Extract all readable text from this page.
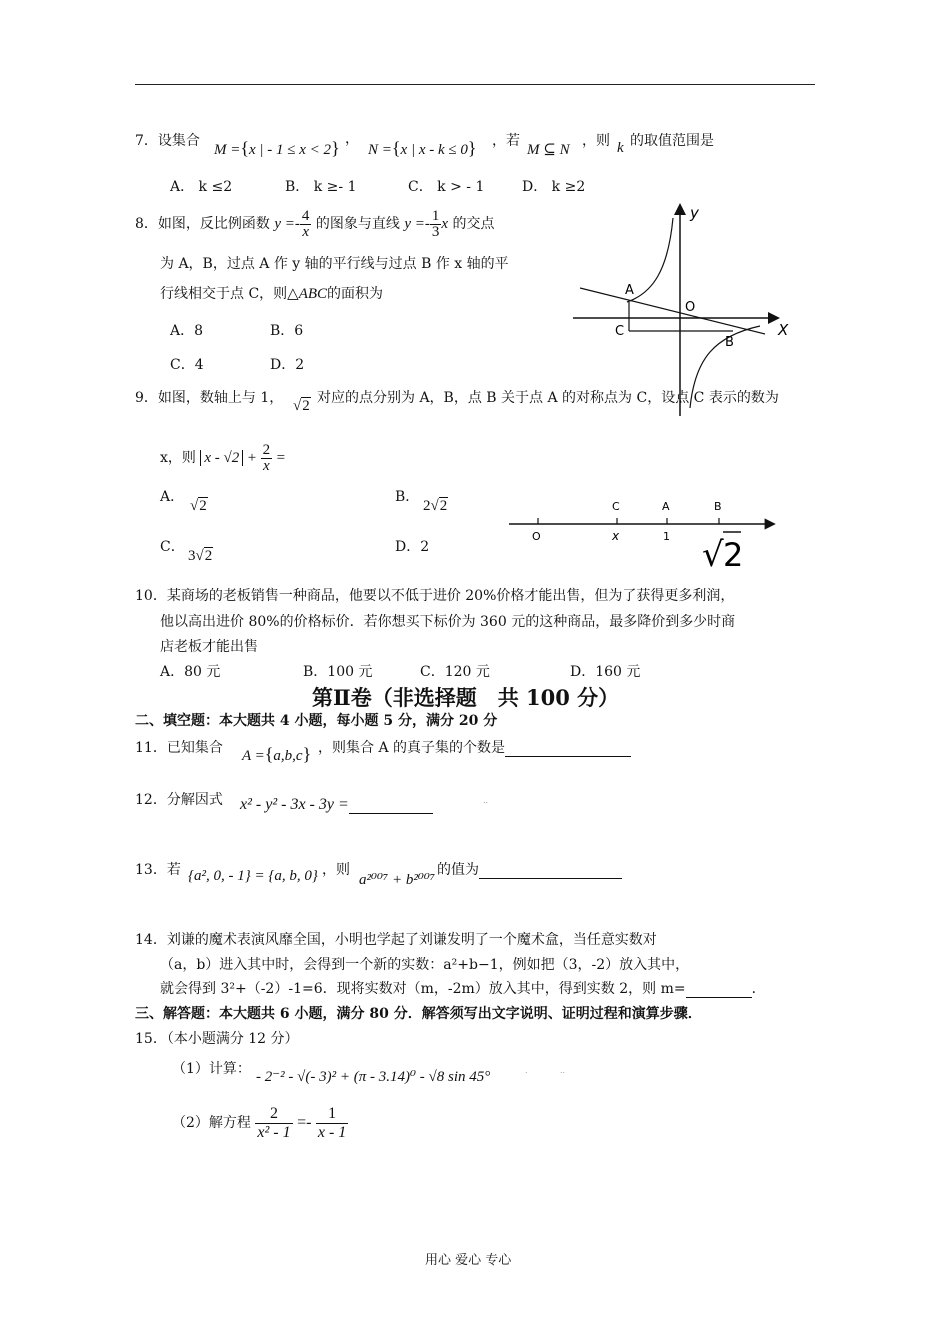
7．设集合
M ={x | - 1 ≤ x < 2} ，
N ={x | x - k ≤ 0} ，若
M ⊆ N
，则 k 的取值范围是
A． k ≤2	B． k ≥- 1	C． k > - 1	D． k ≥2
8．如图，反比例函数 $y =- \frac{4}{x}$ 的图象与直线 $y =- \frac{1}{3}$ x 的交点
为 A，B，过点 A 作 y 轴的平行线与过点 B 作 x 轴的平
行线相交于点 C，则△ABC的面积为
A．8	B．6
C．4	D．2
y
X
O
A
B
C
9．如图，数轴上与 1， √2 对应的点分别为 A，B，点 B 关于点 A 的对称点为 C，设点 C 表示的数为
x，则 $x - √2 + \frac{2}{x}$ =
A．
√2
B．
2√2
C．
3√2
D．2
C	A	B
O	x	1 √ 2
10．某商场的老板销售一种商品，他要以不低于进价 20%价格才能出售，但为了获得更多利润，
他以高出进价 80%的价格标价．若你想买下标价为 360 元的这种商品，最多降价到多少时商
店老板才能出售
A．80 元	B．100 元	C．120 元	D．160 元
第Ⅱ卷（非选择题　共 100 分）
二、填空题：本大题共 4 小题，每小题 5 分，满分 20 分
11．已知集合 A ={a,b,c} ，则集合 A 的真子集的个数是
12．分解因式 x² - y² - 3x - 3y =	..
13．若 {a², 0, - 1} = {a, b, 0} ，则
a²⁰⁰⁷ + b²⁰⁰⁷
的值为
14．刘谦的魔术表演风靡全国，小明也学起了刘谦发明了一个魔术盒，当任意实数对
（a，b）进入其中时，会得到一个新的实数：a²+b−1，例如把（3，-2）放入其中，
就会得到 3²+（-2）-1=6．现将实数对（m，-2m）放入其中，得到实数 2，则 m=	．
三、解答题：本大题共 6 小题，满分 80 分．解答须写出文字说明、证明过程和演算步骤．
15．（本小题满分 12 分）
（1）计算： - 2⁻² - √(- 3)² + (π - 3.14)⁰ - √8 sin 45°	.	..
（2）解方程 $\frac{2}{\text{x² - 1}} =- \frac{1}{x - 1}$
用心 爱心 专心
